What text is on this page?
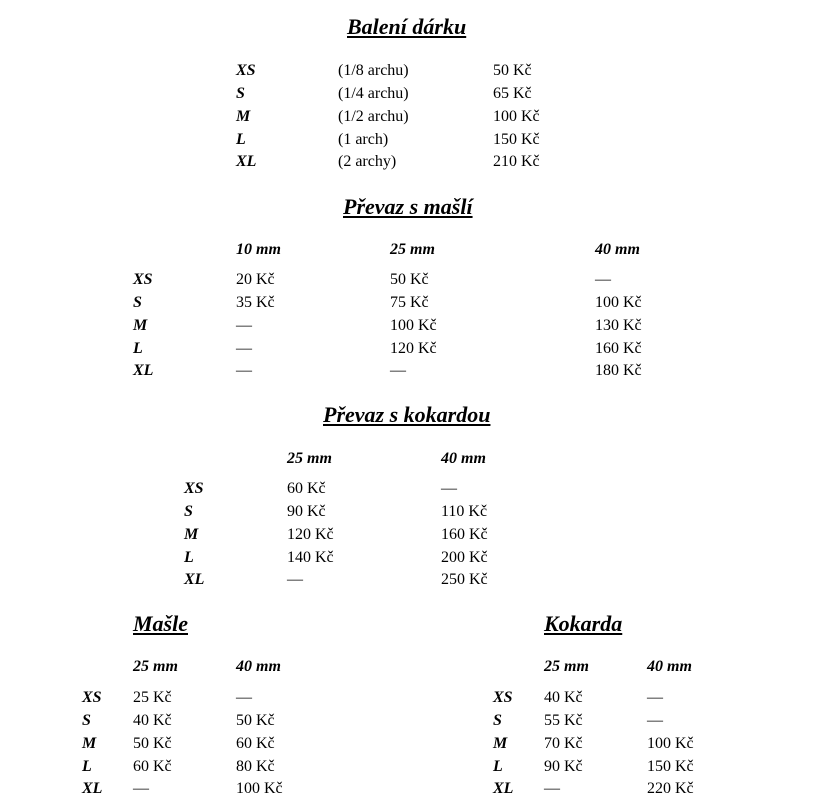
Balení dárku
XS	(1/8 archu)	50 Kč
S	(1/4 archu)	65 Kč
M	(1/2 archu)	100 Kč
L	(1 arch)	150 Kč
XL	(2 archy)	210 Kč
Převaz s mašlí
10 mm	25 mm	40 mm
XS	20 Kč	50 Kč	—
S	35 Kč	75 Kč	100 Kč
M	—	100 Kč	130 Kč
L	—	120 Kč	160 Kč
XL	—	—	180 Kč
Převaz s kokardou
25 mm	40 mm
XS	60 Kč	—
S	90 Kč	110 Kč
M	120 Kč	160 Kč
L	140 Kč	200 Kč
XL	—	250 Kč
Mašle
25 mm	40 mm
XS 25 Kč	—
S	40 Kč	50 Kč
M 50 Kč	60 Kč
L	60 Kč	80 Kč
XL —	100 Kč
Kokarda
25 mm	40 mm
XS 40 Kč	—
S	55 Kč	—
M 70 Kč	100 Kč
L	90 Kč	150 Kč
XL —	220 Kč
